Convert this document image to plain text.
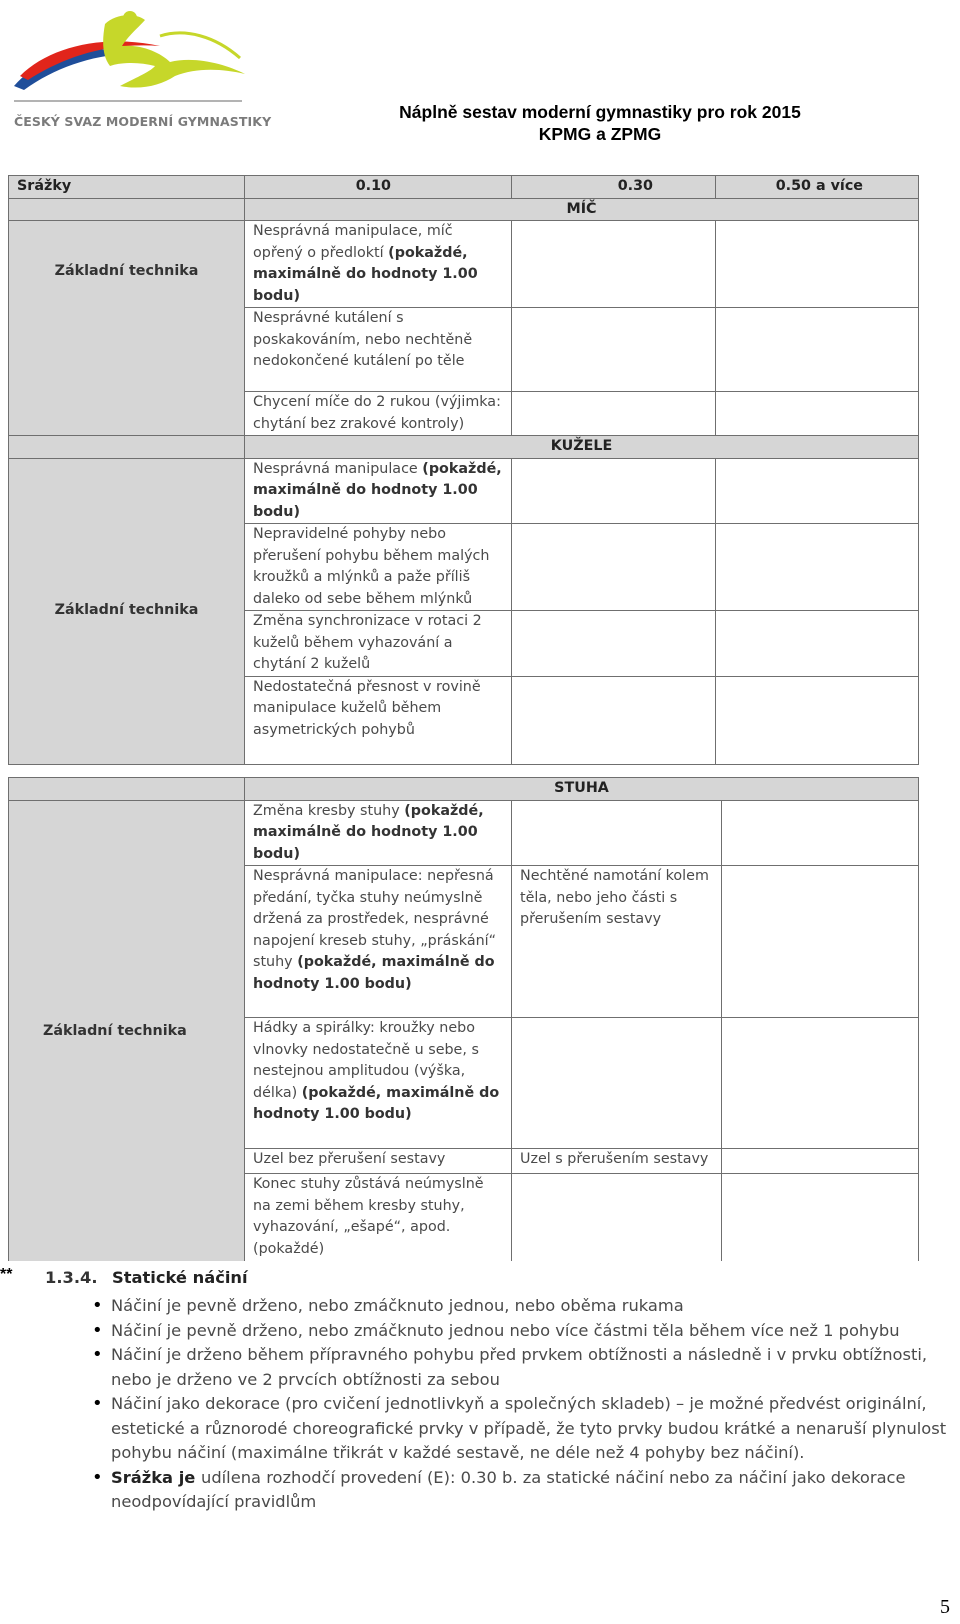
ČESKÝ SVAZ MODERNÍ GYMNASTIKY	Náplně sestav moderní gymnastiky pro rok 2015
KPMG a ZPMG
Srážky	0.10	0.30	0.50 a více
	MÍČ		
Základní technika	Nesprávná manipulace, míč opřený o předloktí (pokaždé, maximálně do hodnoty 1.00 bodu)		
	Nesprávné kutálení s poskakováním, nebo nechtěně nedokončené kutálení po těle		
	Chycení míče do 2 rukou (výjimka: chytání bez zrakové kontroly)		
	KUŽELE		
Základní technika	Nesprávná manipulace (pokaždé, maximálně do hodnoty 1.00 bodu)		
	Nepravidelné pohyby nebo přerušení pohybu během malých kroužků a mlýnků a paže příliš daleko od sebe během mlýnků		
	Změna synchronizace v rotaci 2 kuželů během vyhazování a chytání 2 kuželů		
	Nedostatečná přesnost v rovině manipulace kuželů během asymetrických pohybů		
	STUHA		
Základní technika	Změna kresby stuhy (pokaždé, maximálně do hodnoty 1.00 bodu)		
	Nesprávná manipulace: nepřesná předání, tyčka stuhy neúmyslně držená za prostředek, nesprávné napojení kreseb stuhy, „práskání“ stuhy (pokaždé, maximálně do hodnoty 1.00 bodu)	Nechtěné namotání kolem těla, nebo jeho části s přerušením sestavy	
	Hádky a spirálky: kroužky nebo vlnovky nedostatečně u sebe, s nestejnou amplitudou (výška, délka) (pokaždé, maximálně do hodnoty 1.00 bodu)		
	Uzel bez přerušení sestavy	Uzel s přerušením sestavy	
	Konec stuhy zůstává neúmyslně na zemi během kresby stuhy, vyhazování, „ešapé“, apod. (pokaždé)		
** 1.3.4. Statické náčiní
• Náčiní je pevně drženo, nebo zmáčknuto jednou, nebo oběma rukama
• Náčiní je pevně drženo, nebo zmáčknuto jednou nebo více částmi těla během více než 1 pohybu
• Náčiní je drženo během přípravného pohybu před prvkem obtížnosti a následně i v prvku obtížnosti, nebo je drženo ve 2 prvcích obtížnosti za sebou
• Náčiní jako dekorace (pro cvičení jednotlivkyň a společných skladeb) – je možné předvést originální, estetické a různorodé choreografické prvky v případě, že tyto prvky budou krátké a nenaruší plynulost pohybu náčiní (maximálne třikrát v každé sestavě, ne déle než 4 pohyby bez náčiní).
• Srážka je udílena rozhodčí provedení (E): 0.30 b. za statické náčiní nebo za náčiní jako dekorace neodpovídající pravidlům
5
